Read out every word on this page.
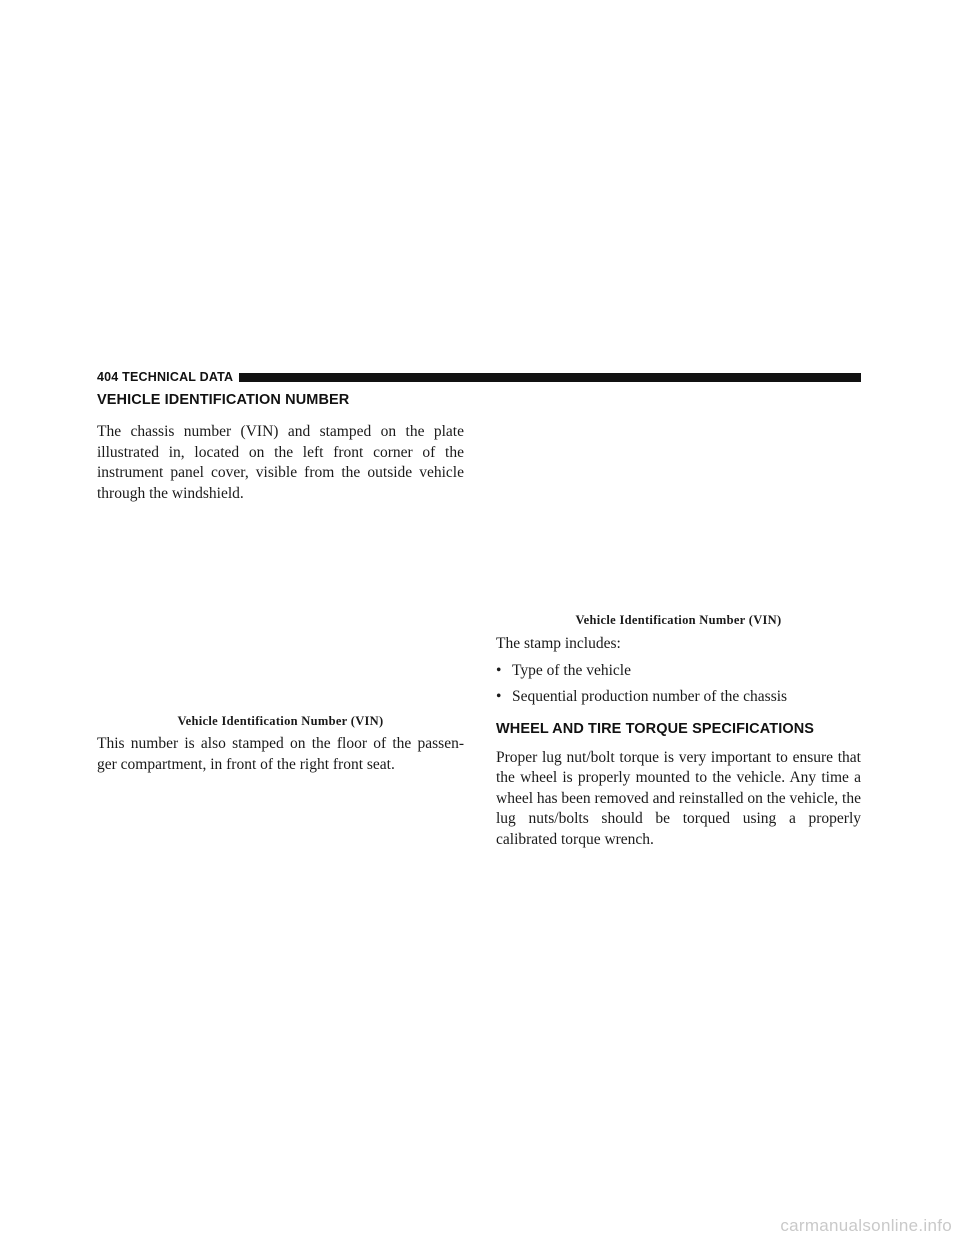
404 TECHNICAL DATA
VEHICLE IDENTIFICATION NUMBER

The chassis number (VIN) and stamped on the plate illustrated in, located on the left front corner of the instrument panel cover, visible from the outside vehicle through the windshield.

Vehicle Identification Number (VIN)

This number is also stamped on the floor of the passen- ger compartment, in front of the right front seat.

Vehicle Identification Number (VIN)

The stamp includes:

• Type of the vehicle
• Sequential production number of the chassis
WHEEL AND TIRE TORQUE SPECIFICATIONS

Proper lug nut/bolt torque is very important to ensure that the wheel is properly mounted to the vehicle. Any time a wheel has been removed and reinstalled on the vehicle, the lug nuts/bolts should be torqued using a properly calibrated torque wrench.

carmanualsonline.info
